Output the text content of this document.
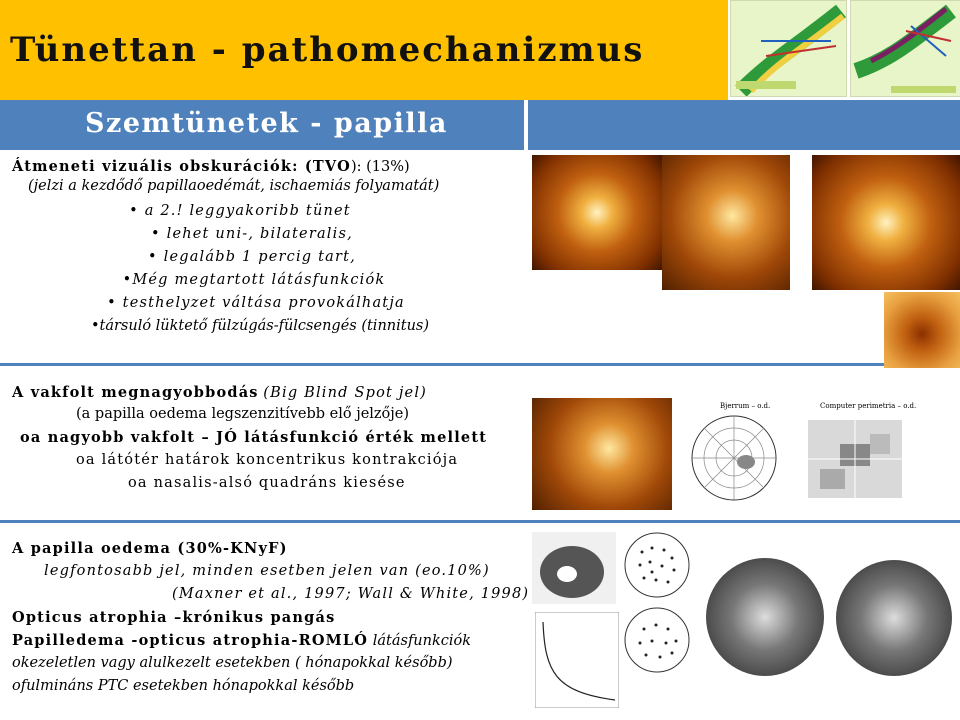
Tünettan - pathomechanizmus
Szemtünetek - papilla
Átmeneti vizuális obskurációk: (TVO): (13%)
(jelzi a kezdődő papillaoedémát, ischaemiás folyamatát)
• a 2.! leggyakoribb tünet
• lehet uni-, bilateralis,
• legalább 1 percig tart,
•Még megtartott látásfunkciók
• testhelyzet váltása provokálhatja
•társuló lüktető fülzúgás-fülcsengés (tinnitus)
A vakfolt megnagyobbodás (Big Blind Spot jel)
(a papilla oedema legszenzitívebb elő jelzője)
oa nagyobb vakfolt – JÓ látásfunkció érték mellett
oa látótér határok koncentrikus kontrakciója
oa nasalis-alsó quadráns kiesése
A papilla oedema (30%-KNyF)
legfontosabb jel, minden esetben jelen van (eo.10%)
(Maxner et al., 1997; Wall & White, 1998)
Opticus atrophia –krónikus pangás
Papilledema -opticus atrophia-ROMLÓ látásfunkciók
okezeletlen vagy alulkezelt esetekben ( hónapokkal később)
ofulmináns PTC esetekben hónapokkal később
Bjerrum – o.d.	Computer perimetria – o.d.
